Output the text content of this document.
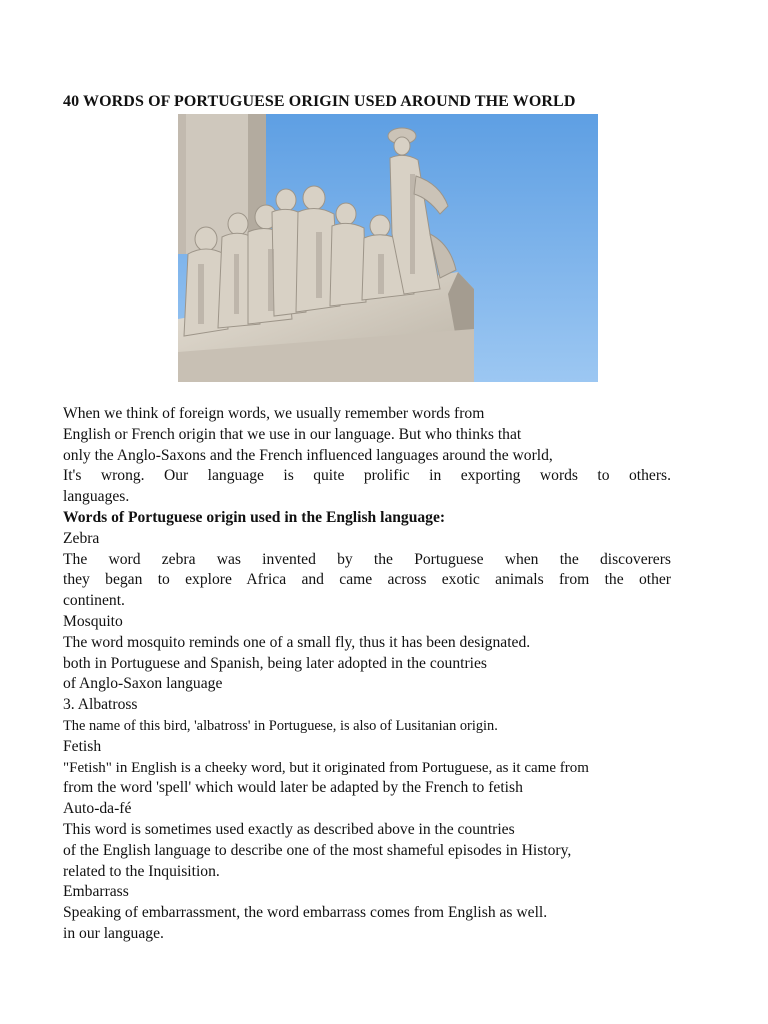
40 WORDS OF PORTUGUESE ORIGIN USED AROUND THE WORLD
When we think of foreign words, we usually remember words from
English or French origin that we use in our language. But who thinks that
only the Anglo-Saxons and the French influenced languages around the world,
It's wrong. Our language is quite prolific in exporting words to others.
languages.
Words of Portuguese origin used in the English language:
Zebra
The word zebra was invented by the Portuguese when the discoverers
they began to explore Africa and came across exotic animals from the other
continent.
Mosquito
The word mosquito reminds one of a small fly, thus it has been designated.
both in Portuguese and Spanish, being later adopted in the countries
of Anglo-Saxon language
3. Albatross
The name of this bird, 'albatross' in Portuguese, is also of Lusitanian origin.
Fetish
"Fetish" in English is a cheeky word, but it originated from Portuguese, as it came from
from the word 'spell' which would later be adapted by the French to fetish
Auto-da-fé
This word is sometimes used exactly as described above in the countries
of the English language to describe one of the most shameful episodes in History,
related to the Inquisition.
Embarrass
Speaking of embarrassment, the word embarrass comes from English as well.
in our language.
